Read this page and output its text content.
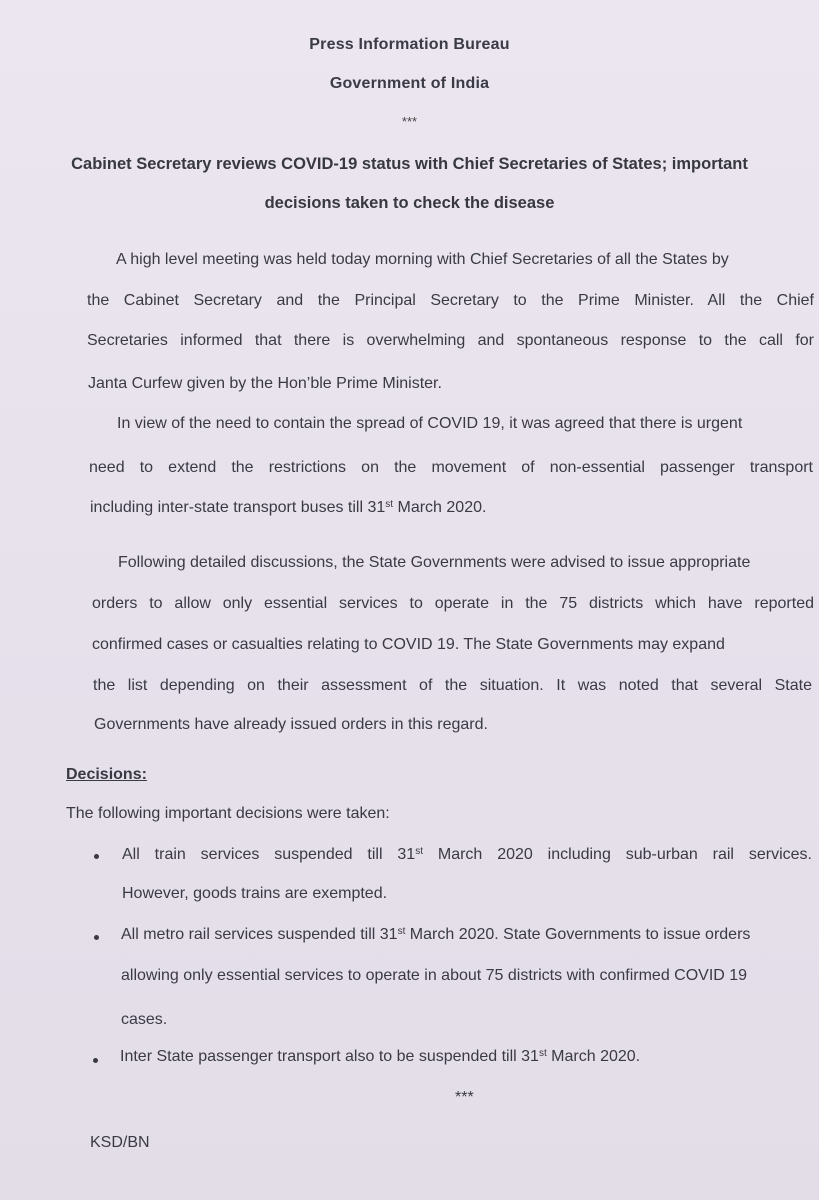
Press Information Bureau
Government of India
***
Cabinet Secretary reviews COVID-19 status with Chief Secretaries of States; important
decisions taken to check the disease
A high level meeting was held today morning with Chief Secretaries of all the States by
the Cabinet Secretary and the Principal Secretary to the Prime Minister. All the Chief
Secretaries informed that there is overwhelming and spontaneous response to the call for
Janta Curfew given by the Hon’ble Prime Minister.
In view of the need to contain the spread of COVID 19, it was agreed that there is urgent
need to extend the restrictions on the movement of non-essential passenger transport
including inter-state transport buses till 31st March 2020.
Following detailed discussions, the State Governments were advised to issue appropriate
orders to allow only essential services to operate in the 75 districts which have reported
confirmed cases or casualties relating to COVID 19. The State Governments may expand
the list depending on their assessment of the situation. It was noted that several State
Governments have already issued orders in this regard.
Decisions:
The following important decisions were taken:
All train services suspended till 31st March 2020 including sub-urban rail services.
However, goods trains are exempted.
All metro rail services suspended till 31st March 2020. State Governments to issue orders
allowing only essential services to operate in about 75 districts with confirmed COVID 19
cases.
Inter State passenger transport also to be suspended till 31st March 2020.
***
KSD/BN
